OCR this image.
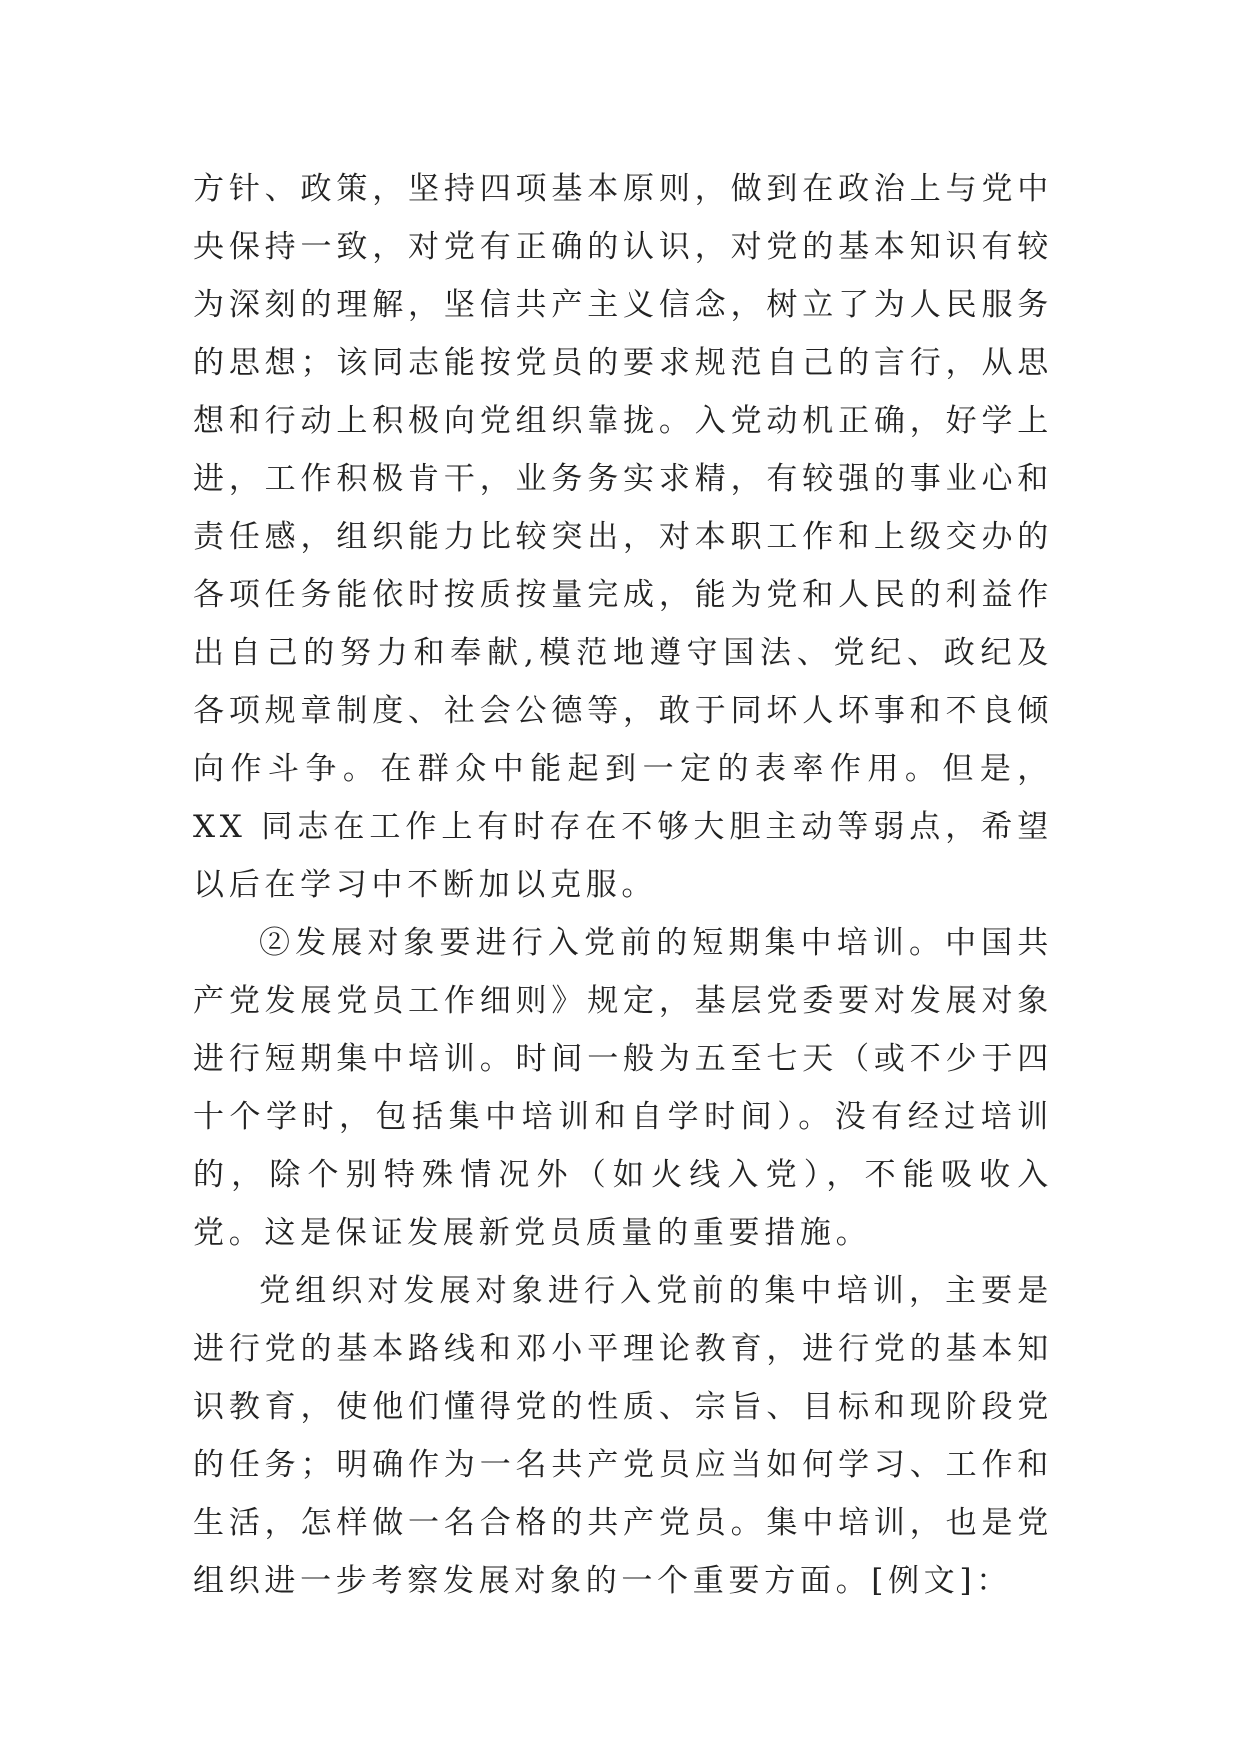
方针、政策，坚持四项基本原则，做到在政治上与党中央保持一致，对党有正确的认识，对党的基本知识有较为深刻的理解，坚信共产主义信念，树立了为人民服务的思想；该同志能按党员的要求规范自己的言行，从思想和行动上积极向党组织靠拢。入党动机正确，好学上进，工作积极肯干，业务务实求精，有较强的事业心和责任感，组织能力比较突出，对本职工作和上级交办的各项任务能依时按质按量完成，能为党和人民的利益作出自己的努力和奉献,模范地遵守国法、党纪、政纪及各项规章制度、社会公德等，敢于同坏人坏事和不良倾向作斗争。在群众中能起到一定的表率作用。但是，XX 同志在工作上有时存在不够大胆主动等弱点，希望以后在学习中不断加以克服。

②发展对象要进行入党前的短期集中培训。中国共产党发展党员工作细则》规定，基层党委要对发展对象进行短期集中培训。时间一般为五至七天（或不少于四十个学时，包括集中培训和自学时间）。没有经过培训的，除个别特殊情况外（如火线入党），不能吸收入党。这是保证发展新党员质量的重要措施。

党组织对发展对象进行入党前的集中培训，主要是进行党的基本路线和邓小平理论教育，进行党的基本知识教育，使他们懂得党的性质、宗旨、目标和现阶段党的任务；明确作为一名共产党员应当如何学习、工作和生活，怎样做一名合格的共产党员。集中培训，也是党组织进一步考察发展对象的一个重要方面。[例文]：
